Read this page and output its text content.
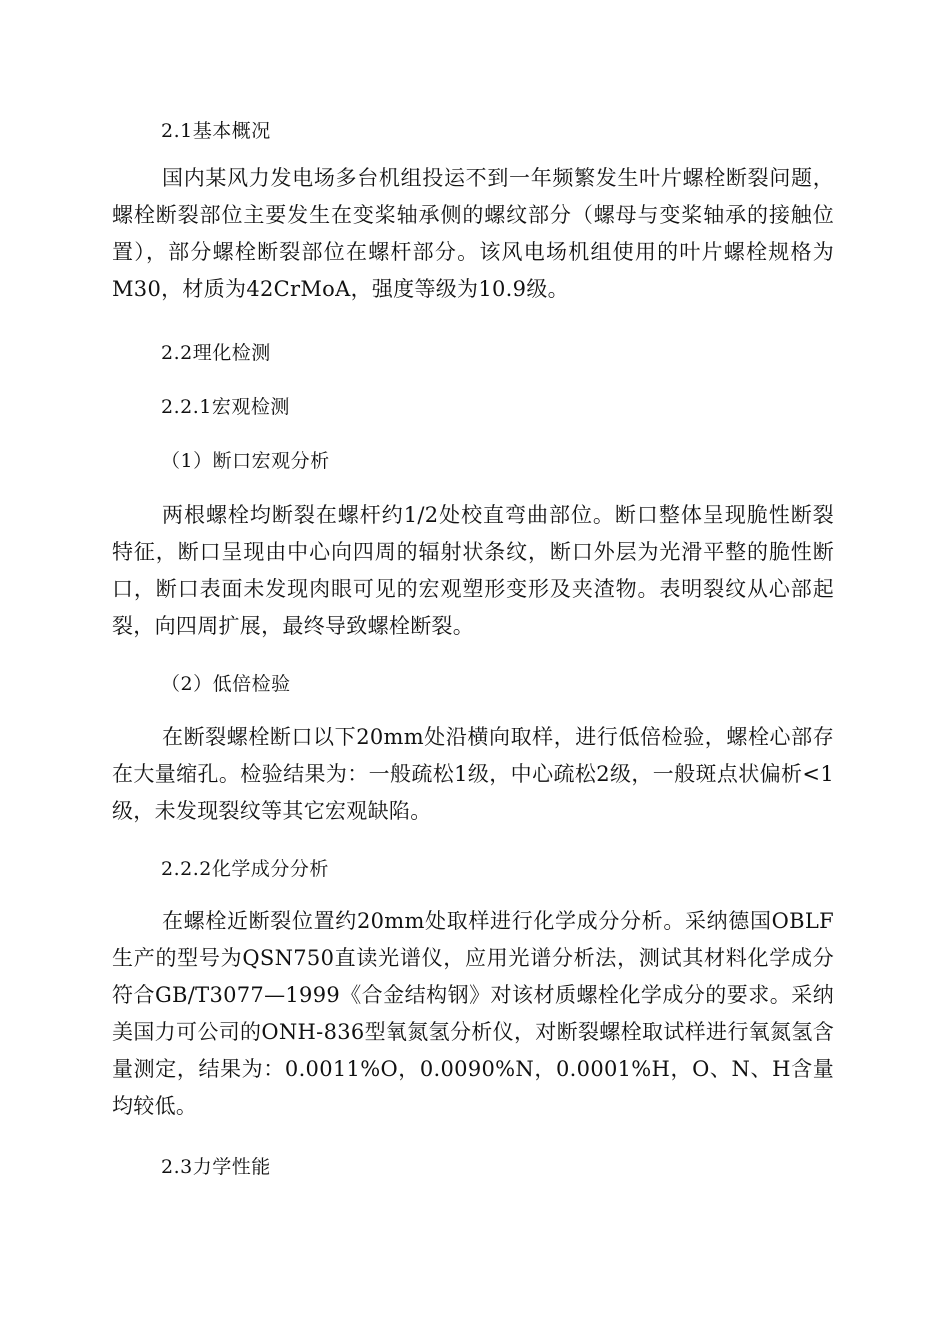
2.1基本概况
国内某风力发电场多台机组投运不到一年频繁发生叶片螺栓断裂问题，螺栓断裂部位主要发生在变桨轴承侧的螺纹部分（螺母与变桨轴承的接触位置），部分螺栓断裂部位在螺杆部分。该风电场机组使用的叶片螺栓规格为M30，材质为42CrMoA，强度等级为10.9级。
2.2理化检测
2.2.1宏观检测
（1）断口宏观分析
两根螺栓均断裂在螺杆约1/2处校直弯曲部位。断口整体呈现脆性断裂特征，断口呈现由中心向四周的辐射状条纹，断口外层为光滑平整的脆性断口，断口表面未发现肉眼可见的宏观塑形变形及夹渣物。表明裂纹从心部起裂，向四周扩展，最终导致螺栓断裂。
（2）低倍检验
在断裂螺栓断口以下20mm处沿横向取样，进行低倍检验，螺栓心部存在大量缩孔。检验结果为：一般疏松1级，中心疏松2级，一般斑点状偏析<1级，未发现裂纹等其它宏观缺陷。
2.2.2化学成分分析
在螺栓近断裂位置约20mm处取样进行化学成分分析。采纳德国OBLF生产的型号为QSN750直读光谱仪，应用光谱分析法，测试其材料化学成分符合GB/T3077—1999《合金结构钢》对该材质螺栓化学成分的要求。采纳美国力可公司的ONH-836型氧氮氢分析仪，对断裂螺栓取试样进行氧氮氢含量测定，结果为：0.0011%O，0.0090%N，0.0001%H，O、N、H含量均较低。
2.3力学性能
